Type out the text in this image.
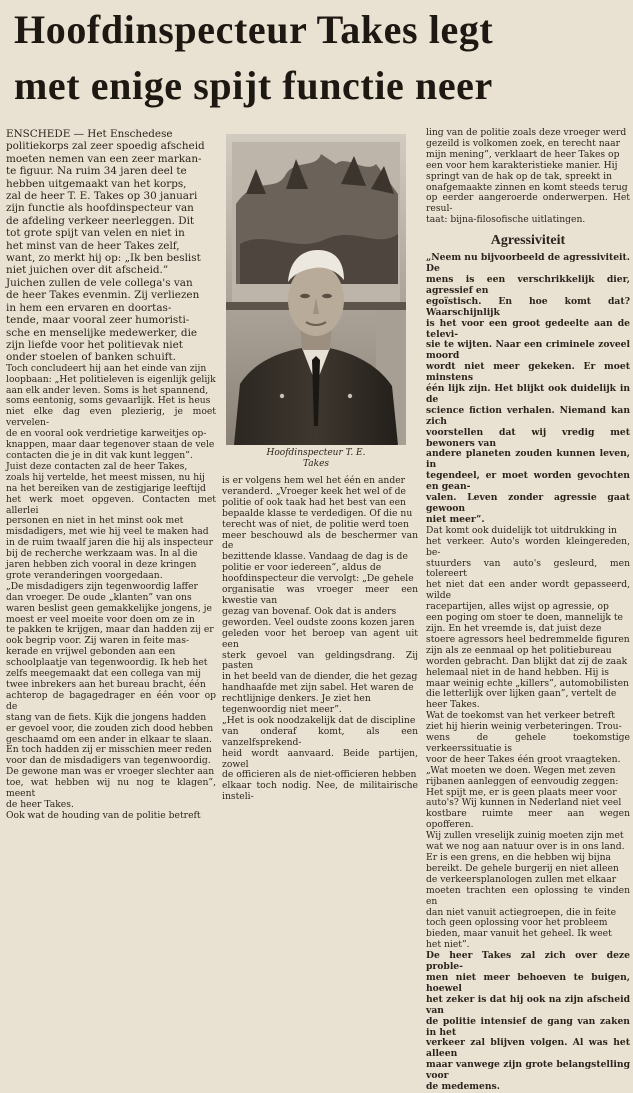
Hoofdinspecteur Takes legt
met enige spijt functie neer

ENSCHEDE — Het Enschedese

politiekorps zal zeer spoedig afscheid

moeten nemen van een zeer markan-

te figuur. Na ruim 34 jaren deel te

hebben uitgemaakt van het korps,

zal de heer T. E. Takes op 30 januari

zijn functie als hoofdinspecteur van

de afdeling verkeer neerleggen. Dit

tot grote spijt van velen en niet in

het minst van de heer Takes zelf,

want, zo merkt hij op: „Ik ben beslist

niet juichen over dit afscheid.”

Juichen zullen de vele collega's van

de heer Takes evenmin. Zij verliezen

in hem een ervaren en doortas-

tende, maar vooral zeer humoristi-

sche en menselijke medewerker, die

zijn liefde voor het politievak niet

onder stoelen of banken schuift.

Toch concludeert hij aan het einde van zijn

loopbaan: „Het politieleven is eigenlijk gelijk

aan elk ander leven. Soms is het spannend,

soms eentonig, soms gevaarlijk. Het is heus

niet elke dag even plezierig, je moet vervelen-

de en vooral ook verdrietige karweitjes op-

knappen, maar daar tegenover staan de vele

contacten die je in dit vak kunt leggen”.

Juist deze contacten zal de heer Takes,

zoals hij vertelde, het meest missen, nu hij

na het bereiken van de zestigjarige leeftijd

het werk moet opgeven. Contacten met allerlei

personen en niet in het minst ook met

misdadigers, met wie hij veel te maken had

in de ruim twaalf jaren die hij als inspecteur

bij de recherche werkzaam was. In al die

jaren hebben zich vooral in deze kringen

grote veranderingen voorgedaan.

„De misdadigers zijn tegenwoordig laffer

dan vroeger. De oude „klanten” van ons

waren beslist geen gemakkelijke jongens, je

moest er veel moeite voor doen om ze in

te pakken te krijgen, maar dan hadden zij er

ook begrip voor. Zij waren in feite mas-

kerade en vrijwel gebonden aan een

schoolplaatje van tegenwoordig. Ik heb het

zelfs meegemaakt dat een collega van mij

twee inbrekers aan het bureau bracht, één

achterop de bagagedrager en één voor op de

stang van de fiets. Kijk die jongens hadden

er gevoel voor, die zouden zich dood hebben

geschaamd om een ander in elkaar te slaan.

En toch hadden zij er misschien meer reden

voor dan de misdadigers van tegenwoordig.

De gewone man was er vroeger slechter aan

toe, wat hebben wij nu nog te klagen”, meent

de heer Takes.

Ook wat de houding van de politie betreft

Hoofdinspecteur T. E.
Takes

is er volgens hem wel het één en ander

veranderd. „Vroeger keek het wel of de

politie of ook taak had het best van een

bepaalde klasse te verdedigen. Of die nu

terecht was of niet, de politie werd toen

meer beschouwd als de beschermer van de

bezittende klasse. Vandaag de dag is de

politie er voor iedereen”, aldus de

hoofdinspecteur die vervolgt: „De gehele

organisatie was vroeger meer een kwestie van

gezag van bovenaf. Ook dat is anders

geworden. Veel oudste zoons kozen jaren

geleden voor het beroep van agent uit een

sterk gevoel van geldingsdrang. Zij pasten

in het beeld van de diender, die het gezag

handhaafde met zijn sabel. Het waren de

rechtlijnige denkers. Je ziet hen

tegenwoordig niet meer”.

„Het is ook noodzakelijk dat de discipline

van onderaf komt, als een vanzelfsprekend-

heid wordt aanvaard. Beide partijen, zowel

de officieren als de niet-officieren hebben

elkaar toch nodig. Nee, de militairische insteli-

ling van de politie zoals deze vroeger werd

gezeild is volkomen zoek, en terecht naar

mijn mening”, verklaart de heer Takes op

een voor hem karakteristieke manier. Hij

springt van de hak op de tak, spreekt in

onafgemaakte zinnen en komt steeds terug

op eerder aangeroerde onderwerpen. Het resul-

taat: bijna-filosofische uitlatingen.

Agressiviteit

„Neem nu bijvoorbeeld de agressiviteit. De

mens is een verschrikkelijk dier, agressief en

egoïstisch. En hoe komt dat? Waarschijnlijk

is het voor een groot gedeelte aan de televi-

sie te wijten. Naar een criminele zoveel moord

wordt niet meer gekeken. Er moet minstens

één lijk zijn. Het blijkt ook duidelijk in de

science fiction verhalen. Niemand kan zich

voorstellen dat wij vredig met bewoners van

andere planeten zouden kunnen leven, in

tegendeel, er moet worden gevochten en gean-

valen. Leven zonder agressie gaat gewoon

niet meer”.

Dat komt ook duidelijk tot uitdrukking in

het verkeer. Auto's worden kleingereden, be-

stuurders van auto's gesleurd, men tolereert

het niet dat een ander wordt gepasseerd, wilde

racepartijen, alles wijst op agressie, op

een poging om stoer te doen, mannelijk te

zijn. En het vreemde is, dat juist deze

stoere agressors heel bedremmelde figuren

zijn als ze eenmaal op het politiebureau

worden gebracht. Dan blijkt dat zij de zaak

helemaal niet in de hand hebben. Hij is

maar weinig echte „killers”, automobilisten

die letterlijk over lijken gaan”, vertelt de

heer Takes.

Wat de toekomst van het verkeer betreft

ziet hij hierin weinig verbeteringen. Trou-

wens de gehele toekomstige verkeerssituatie is

voor de heer Takes één groot vraagteken.

„Wat moeten we doen. Wegen met zeven

rijbanen aanleggen of eenvoudig zeggen:

Het spijt me, er is geen plaats meer voor

auto's? Wij kunnen in Nederland niet veel

kostbare ruimte meer aan wegen opofferen.

Wij zullen vreselijk zuinig moeten zijn met

wat we nog aan natuur over is in ons land.

Er is een grens, en die hebben wij bijna

bereikt. De gehele burgerij en niet alleen

de verkeersplanologen zullen met elkaar

moeten trachten een oplossing te vinden en

dan niet vanuit actiegroepen, die in feite

toch geen oplossing voor het probleem

bieden, maar vanuit het geheel. Ik weet

het niet”.

De heer Takes zal zich over deze proble-

men niet meer behoeven te buigen, hoewel

het zeker is dat hij ook na zijn afscheid van

de politie intensief de gang van zaken in het

verkeer zal blijven volgen. Al was het alleen

maar vanwege zijn grote belangstelling voor

de medemens.
